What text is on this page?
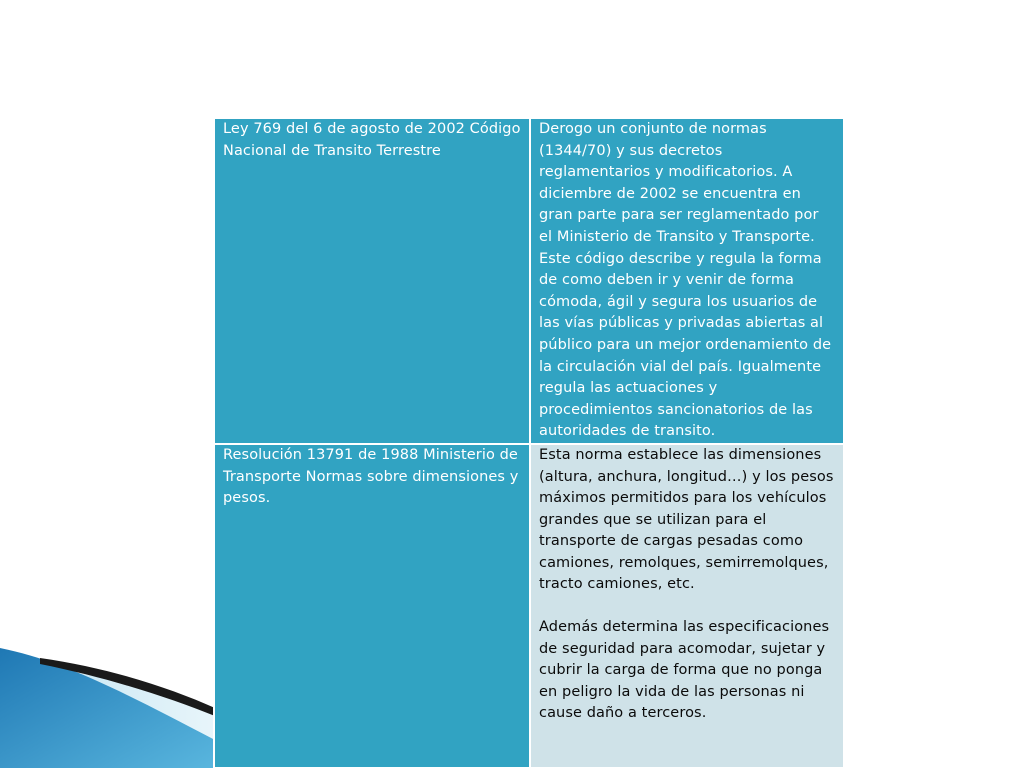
Ley 769 del 6 de agosto de 2002 Código Nacional de Transito Terrestre	Derogo un conjunto de normas (1344/70) y sus decretos reglamentarios y modificatorios. A diciembre de 2002 se encuentra en gran parte para ser reglamentado por el Ministerio de Transito y Transporte. Este código describe y regula la forma de como deben ir y venir de forma cómoda, ágil y segura los usuarios de las vías públicas y privadas abiertas al público para un mejor ordenamiento de la circulación vial del país. Igualmente regula las actuaciones y procedimientos sancionatorios de las autoridades de transito.

Resolución 13791 de 1988 Ministerio de Transporte Normas sobre dimensiones y pesos.	Esta norma establece las dimensiones (altura, anchura, longitud…) y los pesos máximos permitidos para los vehículos grandes que se utilizan para el transporte de cargas pesadas como camiones, remolques, semirremolques, tracto camiones, etc.
Además determina las especificaciones de seguridad para acomodar, sujetar y cubrir la carga de forma que no ponga en peligro la vida de las personas ni cause daño a terceros.
